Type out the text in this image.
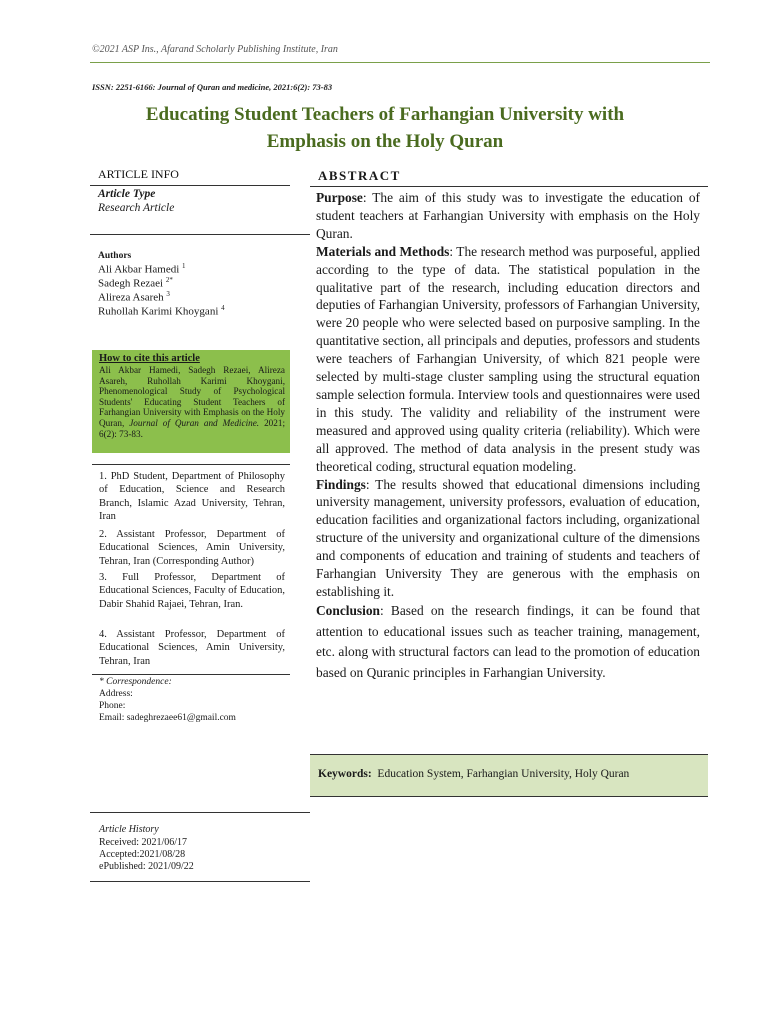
©2021 ASP Ins., Afarand Scholarly Publishing Institute, Iran
ISSN: 2251-6166: Journal of Quran and medicine, 2021:6(2): 73-83
Educating Student Teachers of Farhangian University with
Emphasis on the Holy Quran
ARTICLE INFO
Article Type
Research Article
Authors
Ali Akbar Hamedi $^1$
Sadegh Rezaei $^{2*}$
Alireza Asareh $^3$
Ruhollah Karimi Khoygani $^4$
How to cite this article
Ali Akbar Hamedi, Sadegh Rezaei, Alireza Asareh, Ruhollah Karimi Khoygani, Phenomenological Study of Psychological Students' Educating Student Teachers of Farhangian University with Emphasis on the Holy Quran, Journal of Quran and Medicine. 2021; 6(2): 73-83.
1. PhD Student, Department of Philosophy of Education, Science and Research Branch, Islamic Azad University, Tehran, Iran
2. Assistant Professor, Department of Educational Sciences, Amin University, Tehran, Iran (Corresponding Author)
3. Full Professor, Department of Educational Sciences, Faculty of Education, Dabir Shahid Rajaei, Tehran, Iran.
4. Assistant Professor, Department of Educational Sciences, Amin University, Tehran, Iran
* Correspondence:
Address:
Phone:
Email: sadeghrezaee61@gmail.com
Article History
Received: 2021/06/17
Accepted:2021/08/28
ePublished: 2021/09/22
ABSTRACT

Purpose: The aim of this study was to investigate the education of student teachers at Farhangian University with emphasis on the Holy Quran.

Materials and Methods: The research method was purposeful, applied according to the type of data. The statistical population in the qualitative part of the research, including education directors and deputies of Farhangian University, professors of Farhangian University, were 20 people who were selected based on purposive sampling. In the quantitative section, all principals and deputies, professors and students were teachers of Farhangian University, of which 821 people were selected by multi-stage cluster sampling using the structural equation sample selection formula. Interview tools and questionnaires were used in this study. The validity and reliability of the instrument were measured and approved using quality criteria (reliability). Which were all approved. The method of data analysis in the present study was theoretical coding, structural equation modeling.

Findings: The results showed that educational dimensions including university management, university professors, evaluation of education, education facilities and organizational factors including, organizational structure of the university and organizational culture of the dimensions and components of education and training of students and teachers of Farhangian University They are generous with the emphasis on establishing it.

Conclusion: Based on the research findings, it can be found that attention to educational issues such as teacher training, management, etc. along with structural factors can lead to the promotion of education based on Quranic principles in Farhangian University.

Keywords: Education System, Farhangian University, Holy Quran
